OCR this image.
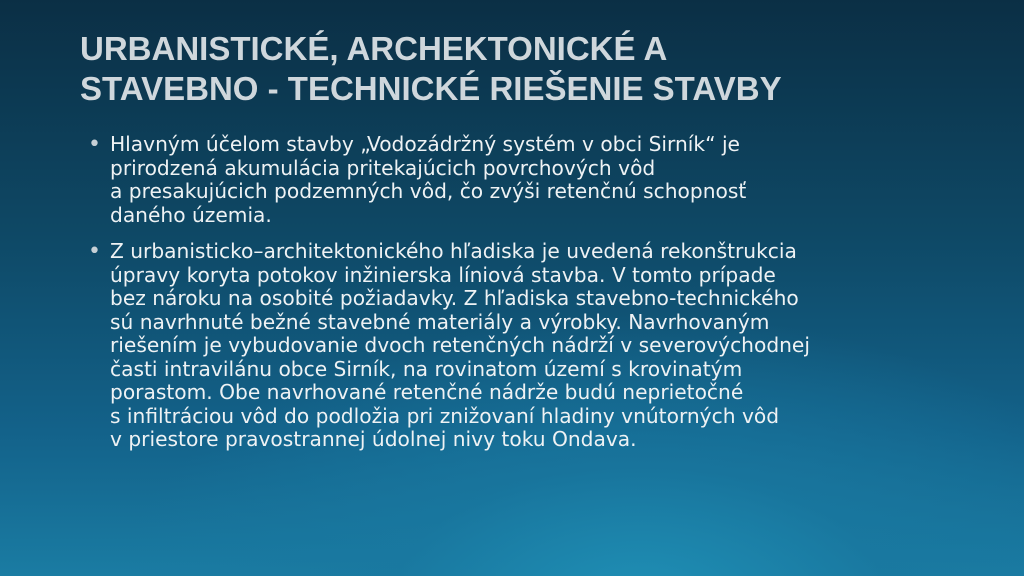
URBANISTICKÉ, ARCHEKTONICKÉ A
STAVEBNO - TECHNICKÉ RIEŠENIE STAVBY
• Hlavným účelom stavby „Vodozádržný systém v obci Sirník“ je
prirodzená akumulácia pritekajúcich povrchových vôd
a presakujúcich podzemných vôd, čo zvýši retenčnú schopnosť
daného územia.
• Z urbanisticko–architektonického hľadiska je uvedená rekonštrukcia
úpravy koryta potokov inžinierska líniová stavba. V tomto prípade
bez nároku na osobité požiadavky. Z hľadiska stavebno-technického
sú navrhnuté bežné stavebné materiály a výrobky. Navrhovaným
riešením je vybudovanie dvoch retenčných nádrží v severovýchodnej
časti intravilánu obce Sirník, na rovinatom území s krovinatým
porastom. Obe navrhované retenčné nádrže budú neprietočné
s infiltráciou vôd do podložia pri znižovaní hladiny vnútorných vôd
v priestore pravostrannej údolnej nivy toku Ondava.
